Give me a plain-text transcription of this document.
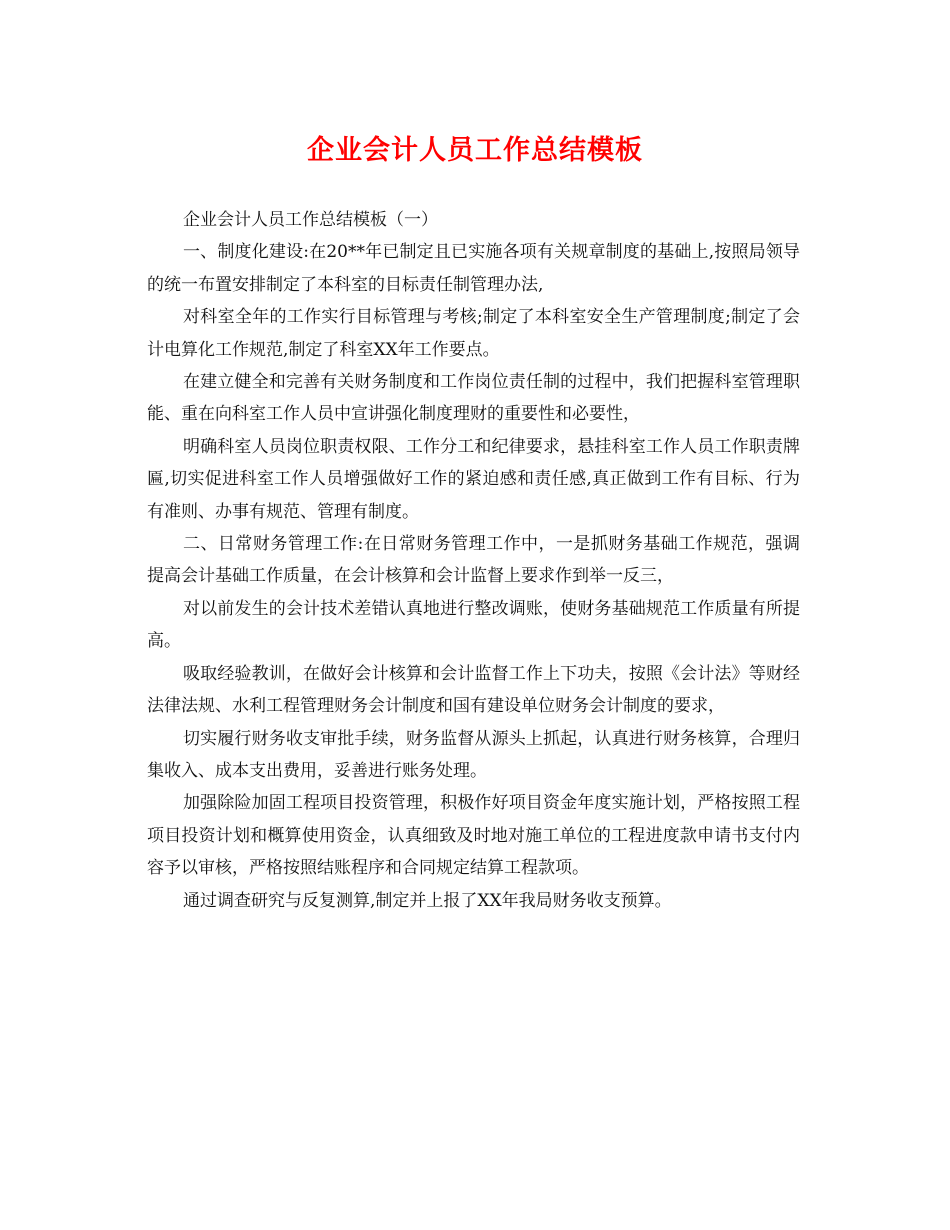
企业会计人员工作总结模板

企业会计人员工作总结模板（一）

一、制度化建设:在20**年已制定且已实施各项有关规章制度的基础上,按照局领导的统一布置安排制定了本科室的目标责任制管理办法,

对科室全年的工作实行目标管理与考核;制定了本科室安全生产管理制度;制定了会计电算化工作规范,制定了科室XX年工作要点。

在建立健全和完善有关财务制度和工作岗位责任制的过程中，我们把握科室管理职能、重在向科室工作人员中宣讲强化制度理财的重要性和必要性，

明确科室人员岗位职责权限、工作分工和纪律要求，悬挂科室工作人员工作职责牌匾,切实促进科室工作人员增强做好工作的紧迫感和责任感,真正做到工作有目标、行为有准则、办事有规范、管理有制度。

二、日常财务管理工作:在日常财务管理工作中，一是抓财务基础工作规范，强调提高会计基础工作质量，在会计核算和会计监督上要求作到举一反三，

对以前发生的会计技术差错认真地进行整改调账，使财务基础规范工作质量有所提高。

吸取经验教训，在做好会计核算和会计监督工作上下功夫，按照《会计法》等财经法律法规、水利工程管理财务会计制度和国有建设单位财务会计制度的要求，

切实履行财务收支审批手续，财务监督从源头上抓起，认真进行财务核算，合理归集收入、成本支出费用，妥善进行账务处理。

加强除险加固工程项目投资管理，积极作好项目资金年度实施计划，严格按照工程项目投资计划和概算使用资金，认真细致及时地对施工单位的工程进度款申请书支付内容予以审核，严格按照结账程序和合同规定结算工程款项。

通过调查研究与反复测算,制定并上报了XX年我局财务收支预算。
